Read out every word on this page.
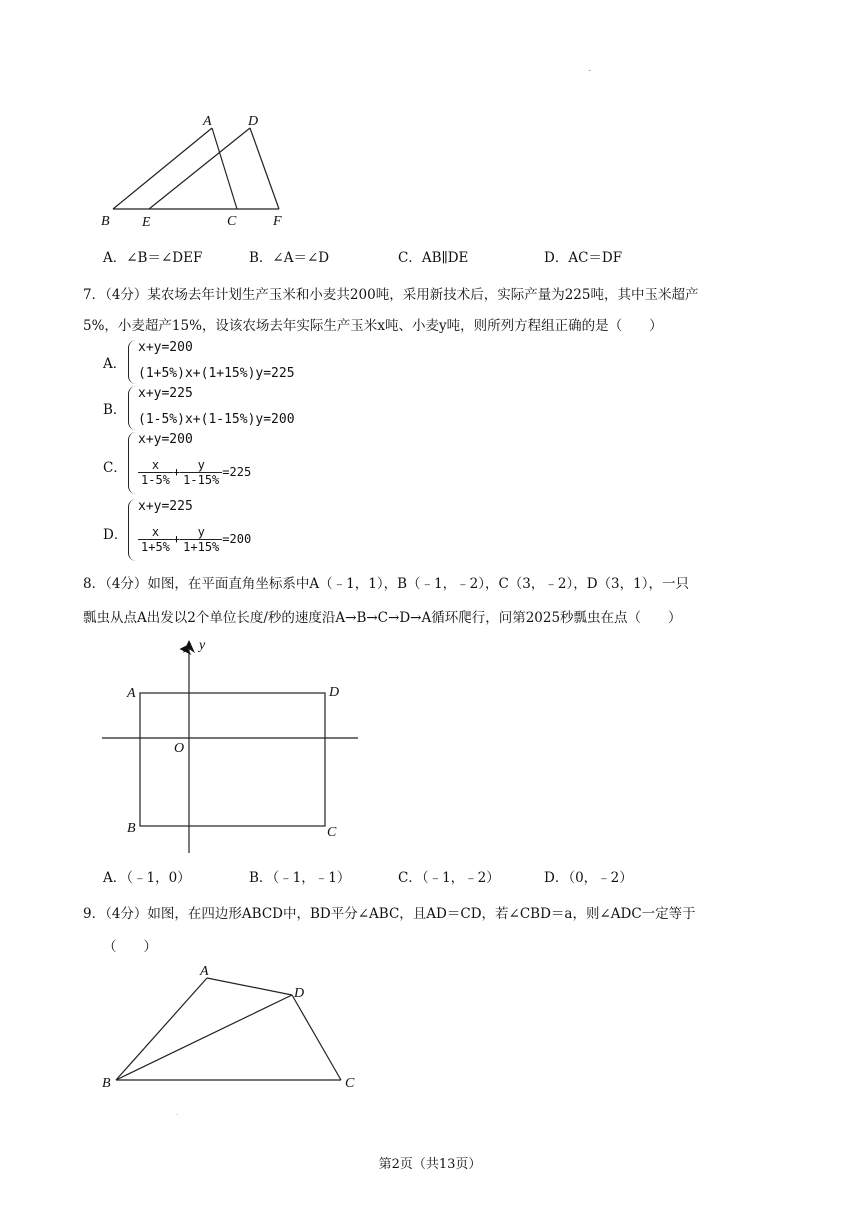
-
A	D
B E	C	F
A．∠B＝∠DEF	B．∠A＝∠D	C．AB∥DE	D．AC＝DF
7．（4分）某农场去年计划生产玉米和小麦共200吨，采用新技术后，实际产量为225吨，其中玉米超产
5%，小麦超产15%，设该农场去年实际生产玉米x吨、小麦y吨，则所列方程组正确的是（　　）
A．
x+y=200
(1+5%)x+(1+15%)y=225
B．
x+y=225
(1-5%)x+(1-15%)y=200
C．
x+y=200
$\frac{x}{1-5\%} + \frac{y}{1-15\%} =225$
D．
x+y=225
$\frac{x}{1+5\%} + \frac{y}{1+15\%} =200$
8．（4分）如图，在平面直角坐标系中A（﹣1，1），B（﹣1，﹣2），C（3，﹣2），D（3，1），一只
瓢虫从点A出发以2个单位长度/秒的速度沿A→B→C→D→A循环爬行，问第2025秒瓢虫在点（　　）
y
O
A	D
B	C
A．（﹣1，0）	B．（﹣1，﹣1）	C．（﹣1，﹣2）	D．（0，﹣2）
9．（4分）如图，在四边形ABCD中，BD平分∠ABC，且AD＝CD，若∠CBD＝a，则∠ADC一定等于
（　　）
A
D
B	C
.
第2页（共13页）
